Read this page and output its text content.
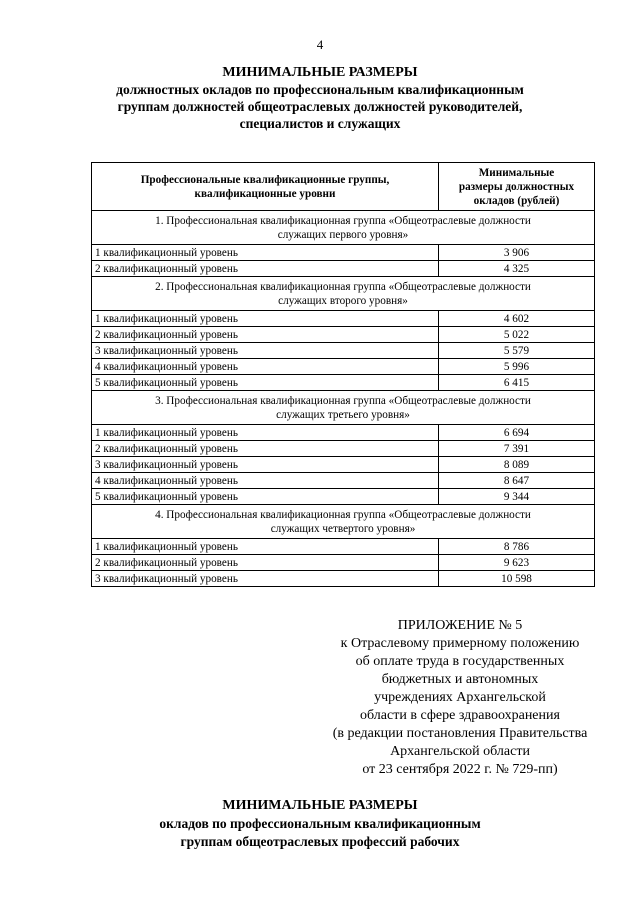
4
МИНИМАЛЬНЫЕ РАЗМЕРЫ
должностных окладов по профессиональным квалификационным
группам должностей общеотраслевых должностей руководителей,
специалистов и служащих
Профессиональные квалификационные группы,
квалификационные уровни	Минимальные
размеры должностных
окладов (рублей)

1. Профессиональная квалификационная группа «Общеотраслевые должности
служащих первого уровня»	

1 квалификационный уровень	3 906
2 квалификационный уровень	4 325

2. Профессиональная квалификационная группа «Общеотраслевые должности
служащих второго уровня»	

1 квалификационный уровень	4 602
2 квалификационный уровень	5 022
3 квалификационный уровень	5 579
4 квалификационный уровень	5 996
5 квалификационный уровень	6 415

3. Профессиональная квалификационная группа «Общеотраслевые должности
служащих третьего уровня»	

1 квалификационный уровень	6 694
2 квалификационный уровень	7 391
3 квалификационный уровень	8 089
4 квалификационный уровень	8 647
5 квалификационный уровень	9 344

4. Профессиональная квалификационная группа «Общеотраслевые должности
служащих четвертого уровня»	

1 квалификационный уровень	8 786
2 квалификационный уровень	9 623
3 квалификационный уровень	10 598
ПРИЛОЖЕНИЕ № 5
к Отраслевому примерному положению
об оплате труда в государственных
бюджетных и автономных
учреждениях Архангельской
области в сфере здравоохранения
(в редакции постановления Правительства
Архангельской области
от 23 сентября 2022 г. № 729-пп)
МИНИМАЛЬНЫЕ РАЗМЕРЫ
окладов по профессиональным квалификационным
группам общеотраслевых профессий рабочих
